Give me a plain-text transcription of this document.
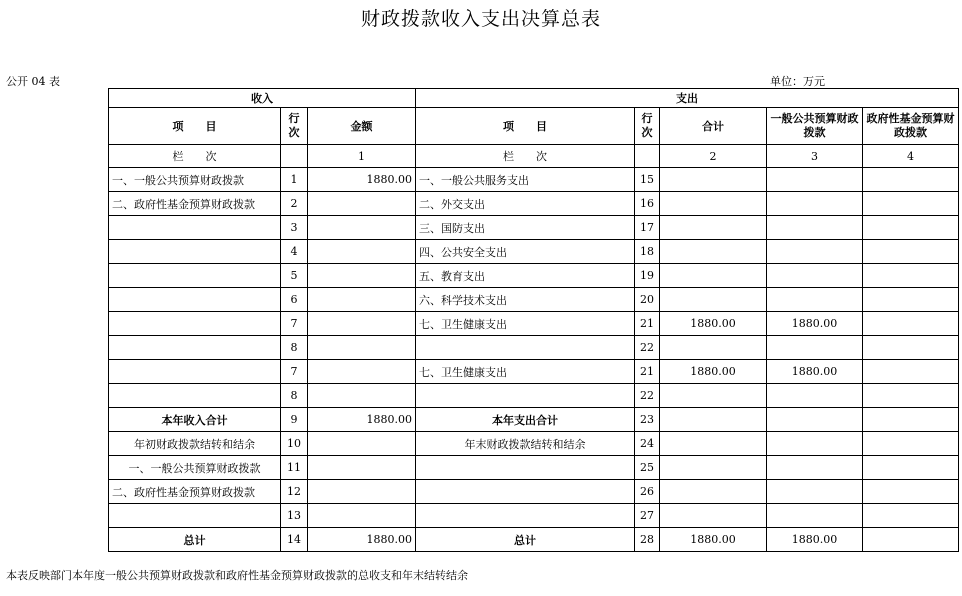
财政拨款收入支出决算总表
公开 04 表	单位：万元
收入			支出				
项　　目	行次	金额	项　　目	行次	合计	一般公共预算财政拨款	政府性基金预算财政拨款
栏　　次		1	栏　　次		2	3	4
一、一般公共预算财政拨款	1	1880.00	一、一般公共服务支出	15			
二、政府性基金预算财政拨款	2		二、外交支出	16			
	3		三、国防支出	17			
	4		四、公共安全支出	18			
	5		五、教育支出	19			
	6		六、科学技术支出	20			
	7		七、卫生健康支出	21	1880.00	1880.00	
	8			22			
	7		七、卫生健康支出	21	1880.00	1880.00	
	8			22			
本年收入合计	9	1880.00	本年支出合计	23			
年初财政拨款结转和结余	10		年末财政拨款结转和结余	24			
一、一般公共预算财政拨款	11			25			
二、政府性基金预算财政拨款	12			26			
	13			27			
总计	14	1880.00	总计	28	1880.00	1880.00	
本表反映部门本年度一般公共预算财政拨款和政府性基金预算财政拨款的总收支和年末结转结余
